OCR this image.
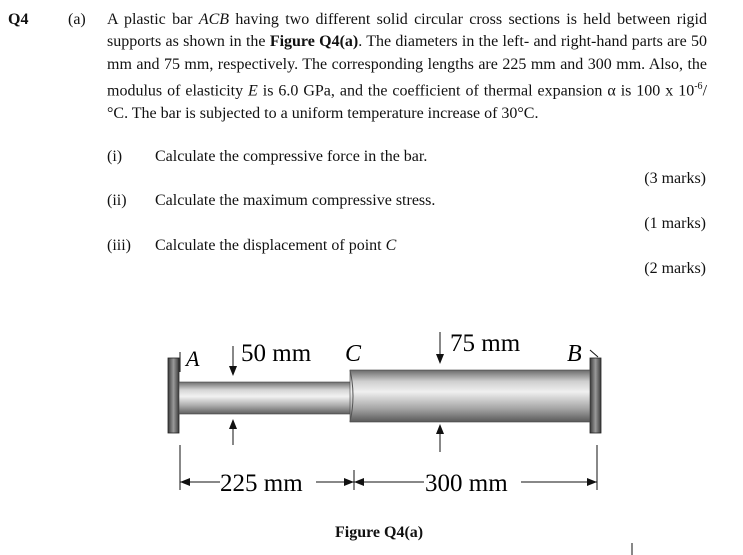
Q4 (a) A plastic bar ACB having two different solid circular cross sections is held between rigid supports as shown in the Figure Q4(a). The diameters in the left- and right-hand parts are 50 mm and 75 mm, respectively. The corresponding lengths are 225 mm and 300 mm. Also, the modulus of elasticity E is 6.0 GPa, and the coefficient of thermal expansion α is 100 x $10^{-6}/^\circ C$. The bar is subjected to a uniform temperature increase of 30°C.
(i) Calculate the compressive force in the bar.
(3 marks)
(ii) Calculate the maximum compressive stress.
(1 marks)
(iii) Calculate the displacement of point C
(2 marks)
A	C	B
50 mm	75 mm
225 mm	300 mm
Figure Q4(a)
